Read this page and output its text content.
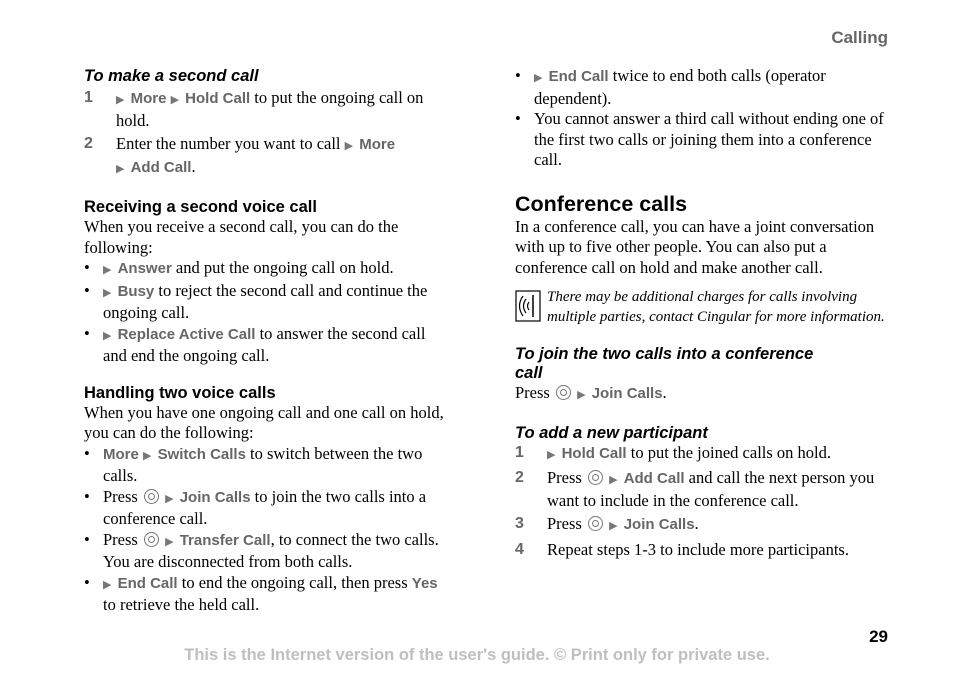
Calling
To make a second call
1	▶ More ▶ Hold Call to put the ongoing call on hold.
2	Enter the number you want to call ▶ More
▶ Add Call.
Receiving a second voice call
When you receive a second call, you can do the following:
•	▶ Answer and put the ongoing call on hold.
•	▶ Busy to reject the second call and continue the ongoing call.
•	▶ Replace Active Call to answer the second call and end the ongoing call.
Handling two voice calls
When you have one ongoing call and one call on hold, you can do the following:
• More ▶ Switch Calls to switch between the two calls.
• Press  ▶ Join Calls to join the two calls into a conference call.
• Press  ▶ Transfer Call, to connect the two calls. You are disconnected from both calls.
•	▶ End Call to end the ongoing call, then press Yes to retrieve the held call.
•	▶ End Call twice to end both calls (operator dependent).
• You cannot answer a third call without ending one of the first two calls or joining them into a conference call.
Conference calls
In a conference call, you can have a joint conversation with up to five other people. You can also put a conference call on hold and make another call.
There may be additional charges for calls involving multiple parties, contact Cingular for more information.
To join the two calls into a conference call
Press  ▶ Join Calls.
To add a new participant
1	▶ Hold Call to put the joined calls on hold.
2	Press  ▶ Add Call and call the next person you want to include in the conference call.
3	Press  ▶ Join Calls.
4	Repeat steps 1-3 to include more participants.
29
This is the Internet version of the user's guide. © Print only for private use.
